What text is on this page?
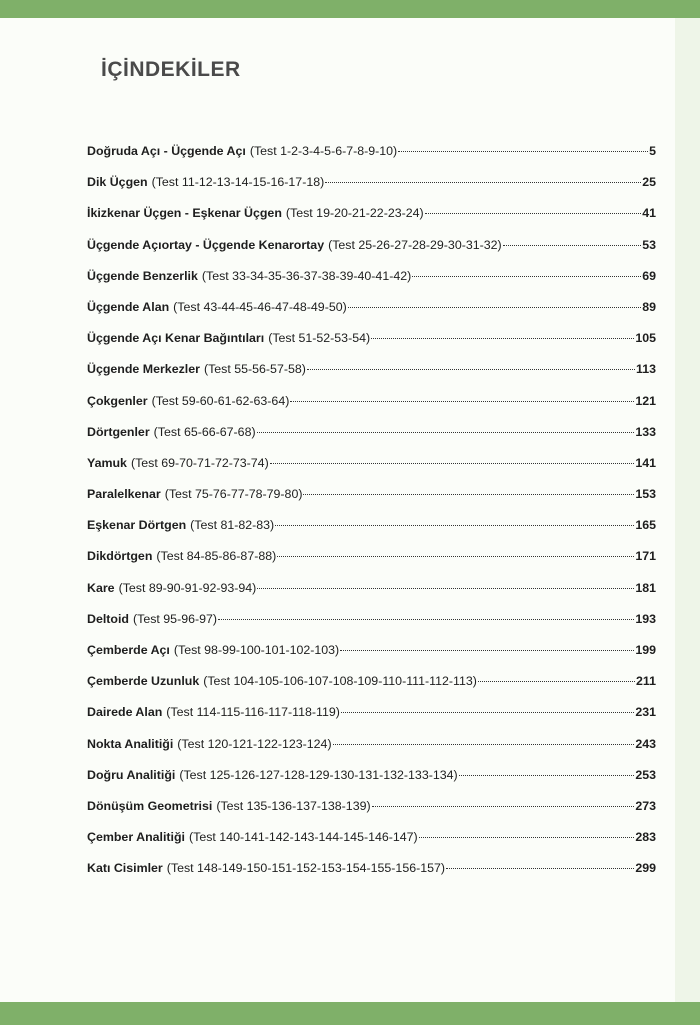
İÇİNDEKİLER
Doğruda Açı - Üçgende Açı (Test 1-2-3-4-5-6-7-8-9-10)	5
Dik Üçgen (Test 11-12-13-14-15-16-17-18)	25
İkizkenar Üçgen - Eşkenar Üçgen (Test 19-20-21-22-23-24)	41
Üçgende Açıortay - Üçgende Kenarortay (Test 25-26-27-28-29-30-31-32)	53
Üçgende Benzerlik (Test 33-34-35-36-37-38-39-40-41-42)	69
Üçgende Alan (Test 43-44-45-46-47-48-49-50)	89
Üçgende Açı Kenar Bağıntıları (Test 51-52-53-54)	105
Üçgende Merkezler (Test 55-56-57-58)	113
Çokgenler (Test 59-60-61-62-63-64)	121
Dörtgenler (Test 65-66-67-68)	133
Yamuk (Test 69-70-71-72-73-74)	141
Paralelkenar (Test 75-76-77-78-79-80)	153
Eşkenar Dörtgen (Test 81-82-83)	165
Dikdörtgen (Test 84-85-86-87-88)	171
Kare (Test 89-90-91-92-93-94)	181
Deltoid (Test 95-96-97)	193
Çemberde Açı (Test 98-99-100-101-102-103)	199
Çemberde Uzunluk (Test 104-105-106-107-108-109-110-111-112-113)	211
Dairede Alan (Test 114-115-116-117-118-119)	231
Nokta Analitiği (Test 120-121-122-123-124)	243
Doğru Analitiği (Test 125-126-127-128-129-130-131-132-133-134)	253
Dönüşüm Geometrisi (Test 135-136-137-138-139)	273
Çember Analitiği (Test 140-141-142-143-144-145-146-147)	283
Katı Cisimler (Test 148-149-150-151-152-153-154-155-156-157)	299
